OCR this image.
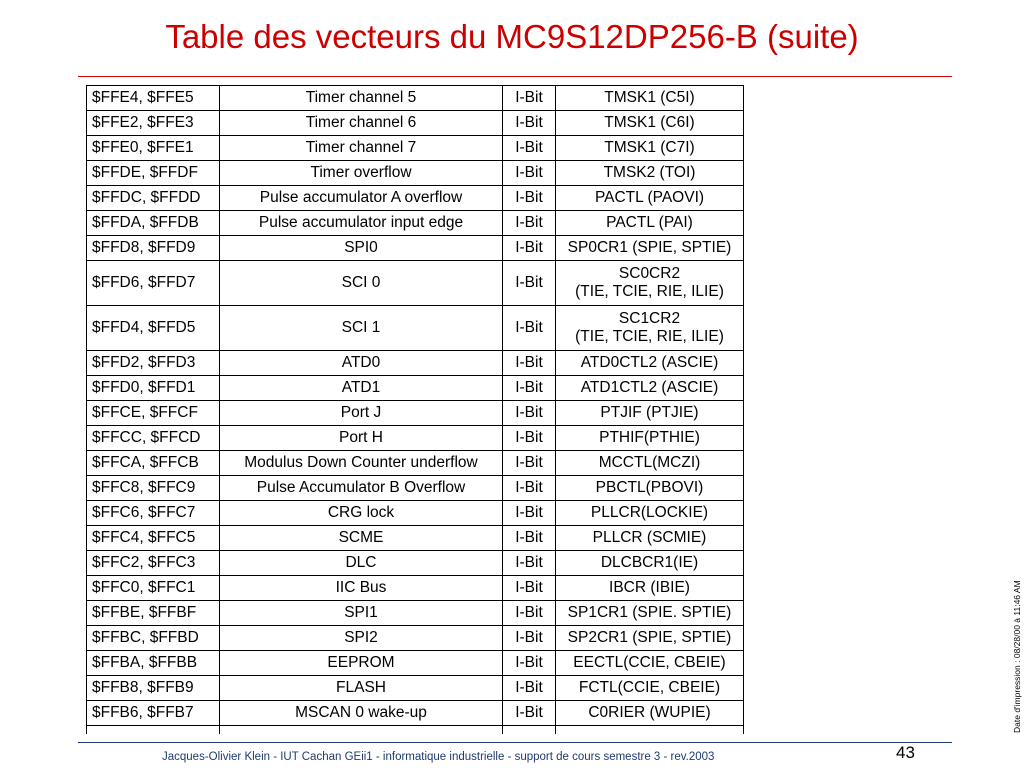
Table des vecteurs du MC9S12DP256-B (suite)
$FFE4, $FFE5	Timer channel 5	I-Bit	TMSK1 (C5I)
$FFE2, $FFE3	Timer channel 6	I-Bit	TMSK1 (C6I)
$FFE0, $FFE1	Timer channel 7	I-Bit	TMSK1 (C7I)
$FFDE, $FFDF	Timer overflow	I-Bit	TMSK2 (TOI)
$FFDC, $FFDD	Pulse accumulator A overflow	I-Bit	PACTL (PAOVI)
$FFDA, $FFDB	Pulse accumulator input edge	I-Bit	PACTL (PAI)
$FFD8, $FFD9	SPI0	I-Bit	SP0CR1 (SPIE, SPTIE)
$FFD6, $FFD7	SCI 0	I-Bit	SC0CR2
(TIE, TCIE, RIE, ILIE)

$FFD4, $FFD5	SCI 1	I-Bit	SC1CR2
(TIE, TCIE, RIE, ILIE)

$FFD2, $FFD3	ATD0	I-Bit	ATD0CTL2 (ASCIE)
$FFD0, $FFD1	ATD1	I-Bit	ATD1CTL2 (ASCIE)
$FFCE, $FFCF	Port J	I-Bit	PTJIF (PTJIE)
$FFCC, $FFCD	Port H	I-Bit	PTHIF(PTHIE)
$FFCA, $FFCB	Modulus Down Counter underflow	I-Bit	MCCTL(MCZI)
$FFC8, $FFC9	Pulse Accumulator B Overflow	I-Bit	PBCTL(PBOVI)
$FFC6, $FFC7	CRG lock	I-Bit	PLLCR(LOCKIE)
$FFC4, $FFC5	SCME	I-Bit	PLLCR (SCMIE)
$FFC2, $FFC3	DLC	I-Bit	DLCBCR1(IE)
$FFC0, $FFC1	IIC Bus	I-Bit	IBCR (IBIE)
$FFBE, $FFBF	SPI1	I-Bit	SP1CR1 (SPIE. SPTIE)
$FFBC, $FFBD	SPI2	I-Bit	SP2CR1 (SPIE, SPTIE)
$FFBA, $FFBB	EEPROM	I-Bit	EECTL(CCIE, CBEIE)
$FFB8, $FFB9	FLASH	I-Bit	FCTL(CCIE, CBEIE)
$FFB6, $FFB7	MSCAN 0 wake-up	I-Bit	C0RIER (WUPIE)
				Date d'impression : 08/28/00 à 11:46 AM
Jacques-Olivier Klein - IUT Cachan GEii1 - informatique industrielle - support de cours semestre 3 - rev.2003	43
